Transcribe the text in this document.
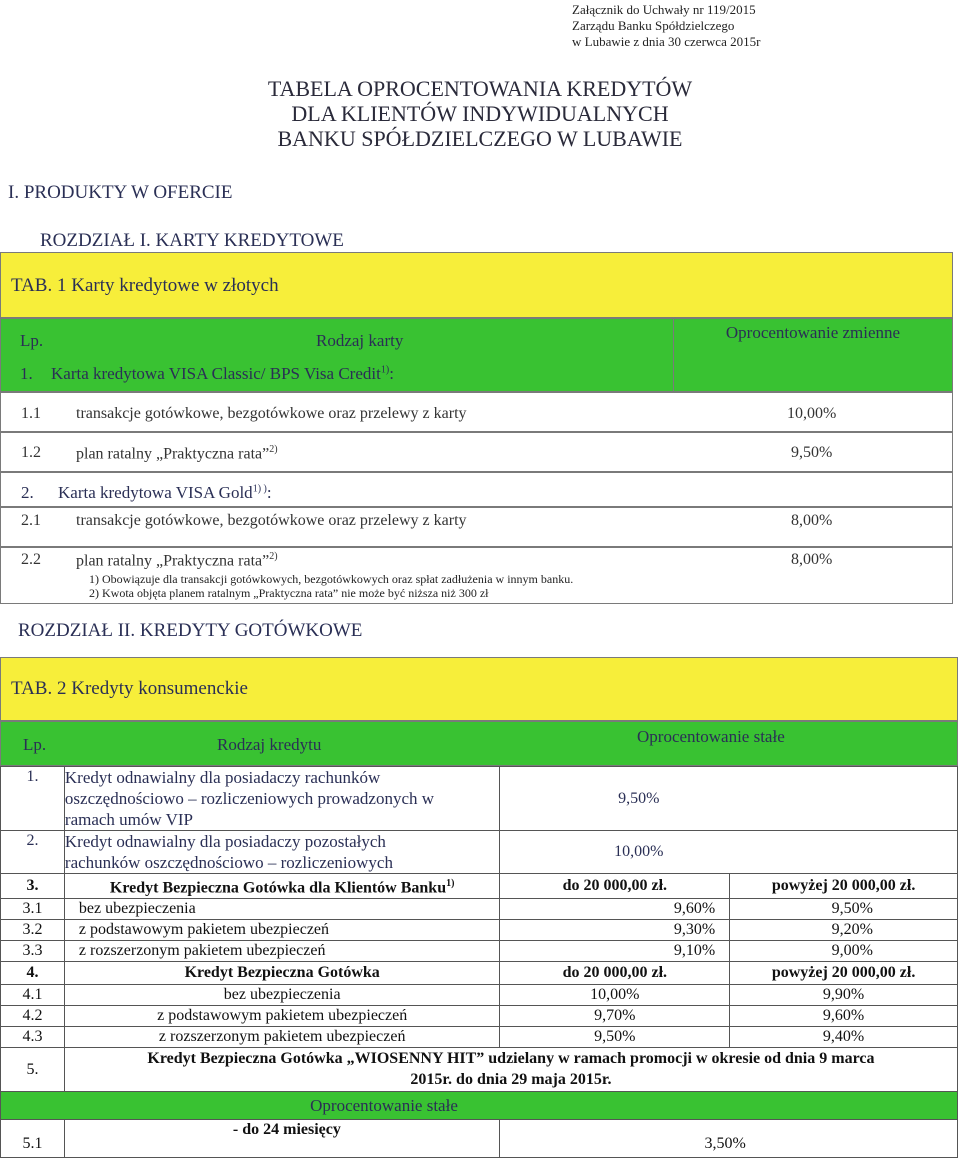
Załącznik do Uchwały nr 119/2015
Zarządu Banku Spółdzielczego
w Lubawie z dnia 30 czerwca 2015r
TABELA OPROCENTOWANIA KREDYTÓW
DLA KLIENTÓW INDYWIDUALNYCH
BANKU SPÓŁDZIELCZEGO W LUBAWIE
I. PRODUKTY W OFERCIE
ROZDZIAŁ I. KARTY KREDYTOWE
TAB. 1 Karty kredytowe w złotych
Oprocentowanie zmienne
Lp.	Rodzaj karty
1. Karta kredytowa VISA Classic/ BPS Visa Credit$^{1)}$:
1.1 transakcje gotówkowe, bezgotówkowe oraz przelewy z karty	10,00%
1.2 plan ratalny „Praktyczna rata”$^{2)}$	9,50%
2. Karta kredytowa VISA Gold$^{1) )}$:
2.1 transakcje gotówkowe, bezgotówkowe oraz przelewy z karty	8,00%
2.2 plan ratalny „Praktyczna rata”$^{2)}$	8,00%
1) Obowiązuje dla transakcji gotówkowych, bezgotówkowych oraz spłat zadłużenia w innym banku.
2) Kwota objęta planem ratalnym „Praktyczna rata” nie może być niższa niż 300 zł
ROZDZIAŁ II. KREDYTY GOTÓWKOWE
TAB. 2 Kredyty konsumenckie
Lp.	Rodzaj kredytu	Oprocentowanie stałe
1.	Kredyt odnawialny dla posiadaczy rachunków
oszczędnościowo – rozliczeniowych prowadzonych w
ramach umów VIP	9,50%	
2.	Kredyt odnawialny dla posiadaczy pozostałych
rachunków oszczędnościowo – rozliczeniowych	10,00%	
3.	Kredyt Bezpieczna Gotówka dla Klientów Banku$^{1)}$	do 20 000,00 zł.	powyżej 20 000,00 zł.
3.1	bez ubezpieczenia	9,60%	9,50%
3.2	z podstawowym pakietem ubezpieczeń	9,30%	9,20%
3.3	z rozszerzonym pakietem ubezpieczeń	9,10%	9,00%
4.	Kredyt Bezpieczna Gotówka	do 20 000,00 zł.	powyżej 20 000,00 zł.
4.1	bez ubezpieczenia	10,00%	9,90%
4.2	z podstawowym pakietem ubezpieczeń	9,70%	9,60%
4.3	z rozszerzonym pakietem ubezpieczeń	9,50%	9,40%
5.	Kredyt Bezpieczna Gotówka „WIOSENNY HIT” udzielany w ramach promocji w okresie od dnia 9 marca
2015r. do dnia 29 maja 2015r.		

Oprocentowanie stałe			
5.1	- do 24 miesięcy	3,50%	
